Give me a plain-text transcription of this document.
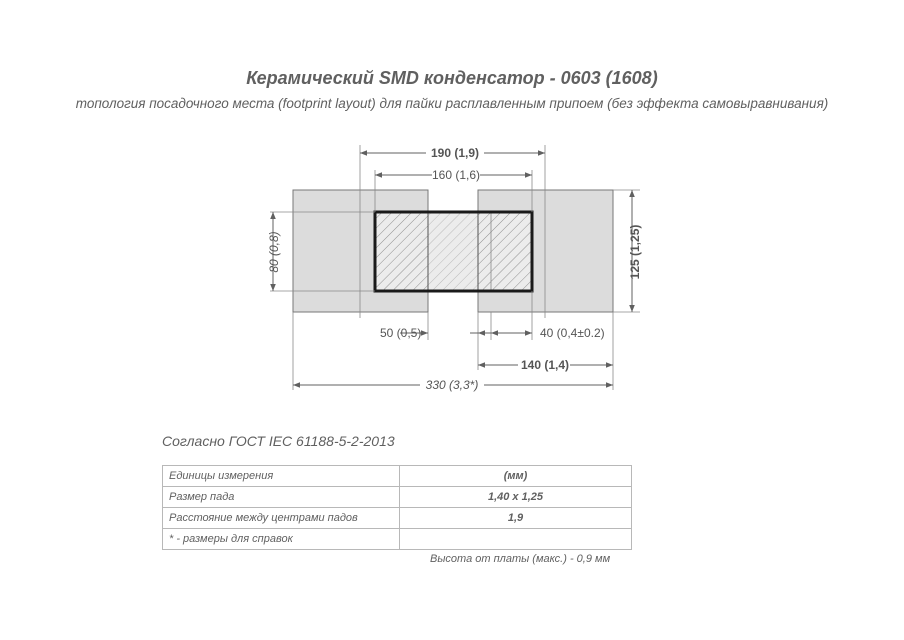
Керамический SMD конденсатор - 0603 (1608)
топология посадочного места (footprint layout) для пайки расплавленным припоем (без эффекта самовыравнивания)
190 (1,9)
160 (1,6)
80 (0,8)	125 (1,25)
50 (0,5)	40 (0,4±0.2)
140 (1,4)
330 (3,3*)
Согласно ГОСТ IEC 61188-5-2-2013
Единицы измерения	(мм)
Размер пада	1,40 x 1,25
Расстояние между центрами падов	1,9
* - размеры для справок	
Высота от платы (макс.) - 0,9 мм
